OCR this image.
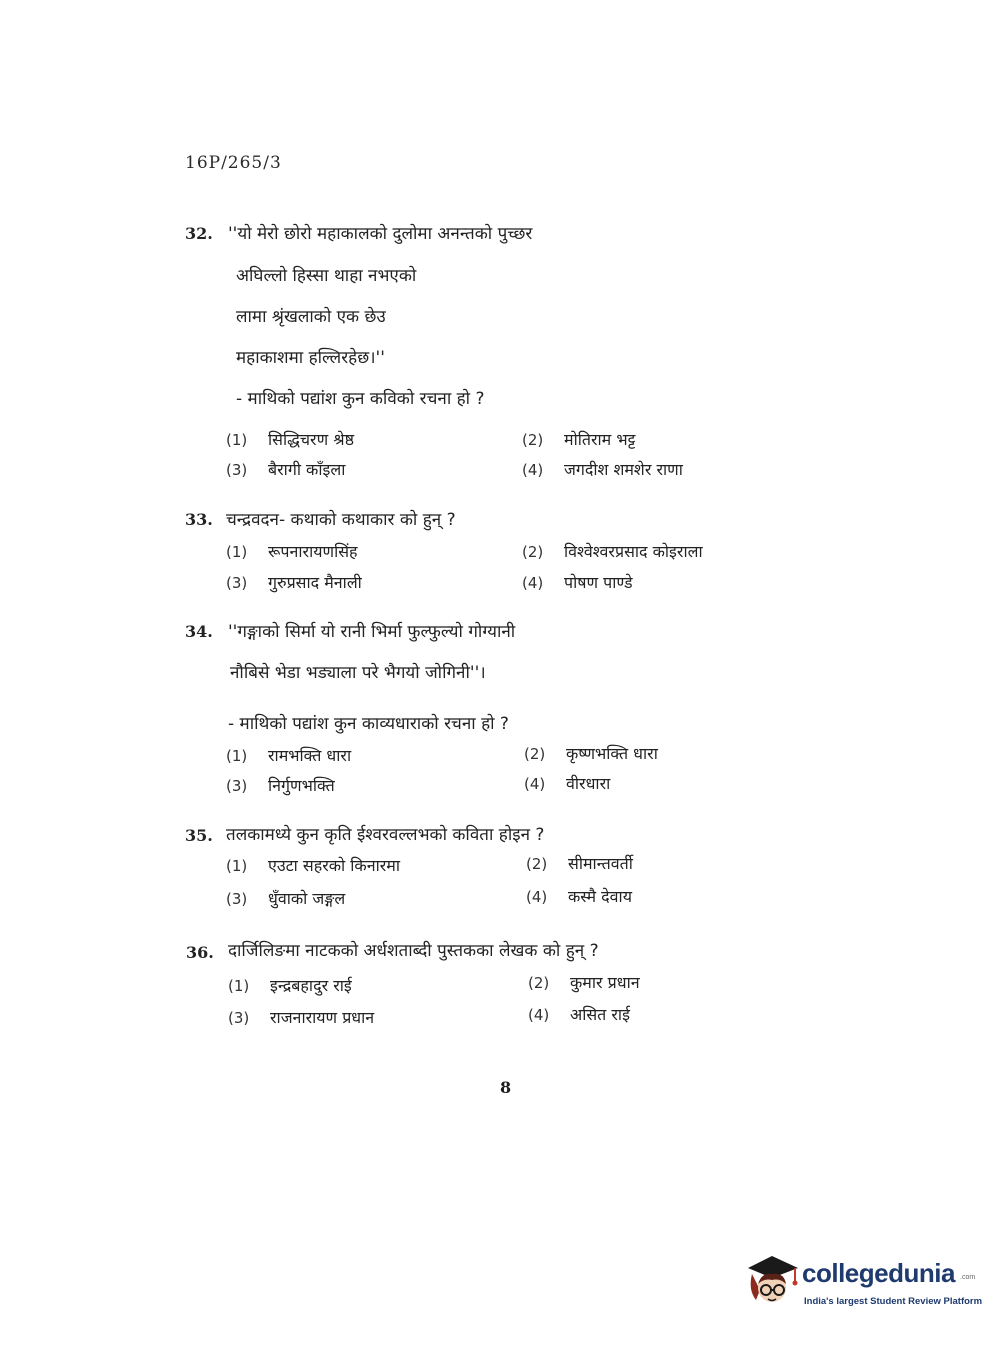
16P/265/3
32. ''यो मेरो छोरो महाकालको दुलोमा अनन्तको पुच्छर
अघिल्लो हिस्सा थाहा नभएको
लामा श्रृंखलाको एक छेउ
महाकाशमा हल्लिरहेछ।''
- माथिको पद्यांश कुन कविको रचना हो ?
(1) सिद्धिचरण श्रेष्ठ	(2) मोतिराम भट्ट
(3) बैरागी काँइला	(4) जगदीश शमशेर राणा
33. चन्द्रवदन- कथाको कथाकार को हुन् ?
(1) रूपनारायणसिंह	(2) विश्वेश्वरप्रसाद कोइराला
(3) गुरुप्रसाद मैनाली	(4) पोषण पाण्डे
34. ''गङ्गाको सिर्मा यो रानी भिर्मा फुल्फुल्यो गोग्यानी
नौबिसे भेडा भड्याला परे भैगयो जोगिनी''।
- माथिको पद्यांश कुन काव्यधाराको रचना हो ?
(1) रामभक्ति धारा	(2) कृष्णभक्ति धारा
(3) निर्गुणभक्ति	(4) वीरधारा
35. तलकामध्ये कुन कृति ईश्वरवल्लभको कविता होइन ?
(1) एउटा सहरको किनारमा	(2) सीमान्तवर्ती
(3) धुँवाको जङ्गल	(4) कस्मै देवाय
36. दार्जिलिङमा नाटकको अर्धशताब्दी पुस्तकका लेखक को हुन् ?
(1) इन्द्रबहादुर राई	(2) कुमार प्रधान
(3) राजनारायण प्रधान	(4) असित राई
8
collegedunia .com
India's largest Student Review Platform
